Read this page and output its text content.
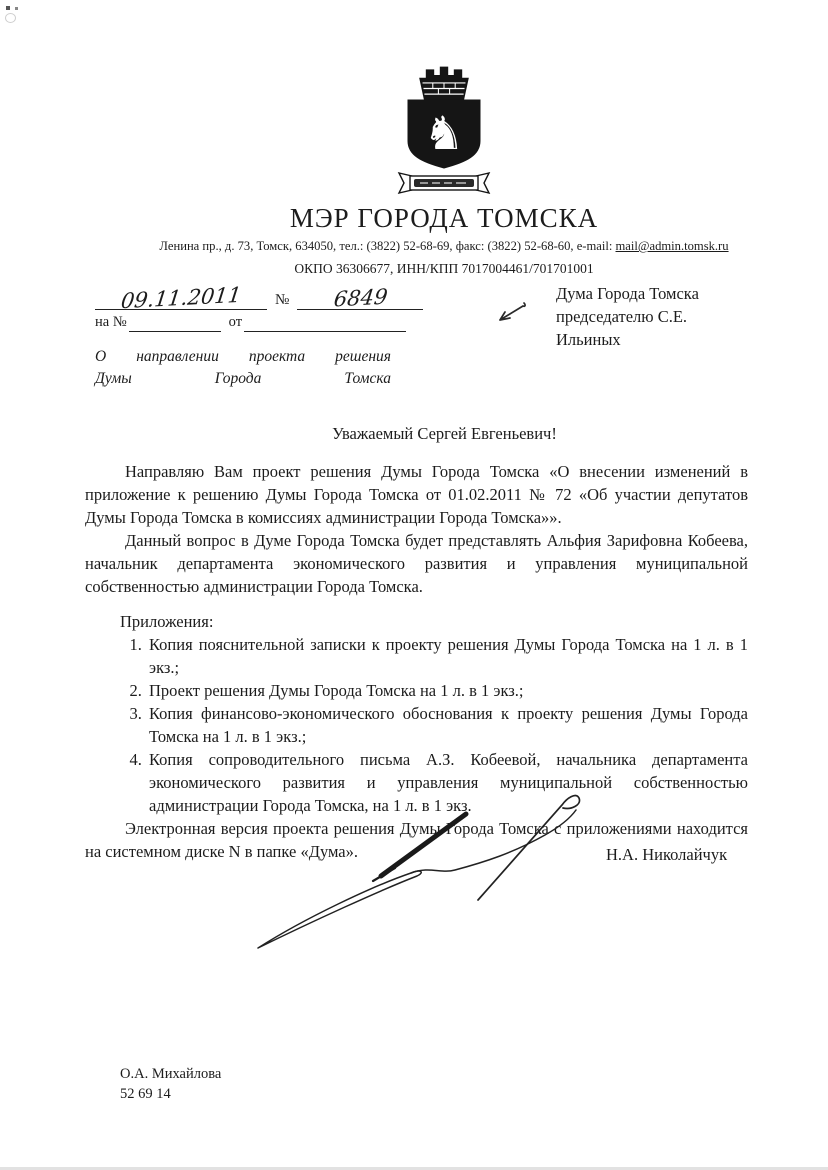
♞
МЭР ГОРОДА ТОМСКА
Ленина пр., д. 73, Томск, 634050, тел.: (3822) 52-68-69, факс: (3822) 52-68-60, e-mail: mail@admin.tomsk.ru
ОКПО 36306677, ИНН/КПП 7017004461/701701001
09.11.2011	№	6849
на №	от
Дума Города Томска
председателю С.Е. Ильиных
О направлении проекта решения
Думы Города Томска
Уважаемый Сергей Евгеньевич!

Направляю Вам проект решения Думы Города Томска «О внесении изменений в приложение к решению Думы Города Томска от 01.02.2011 № 72 «Об участии депутатов Думы Города Томска в комиссиях администрации Города Томска»».

Данный вопрос в Думе Города Томска будет представлять Альфия Зарифовна Кобеева, начальник департамента экономического развития и управления муниципальной собственностью администрации Города Томска.

Приложения:
1. Копия пояснительной записки к проекту решения Думы Города Томска на 1 л. в 1 экз.;
2. Проект решения Думы Города Томска на 1 л. в 1 экз.;
3. Копия финансово-экономического обоснования к проекту решения Думы Города Томска на 1 л. в 1 экз.;
4. Копия сопроводительного письма А.З. Кобеевой, начальника департамента экономического развития и управления муниципальной собственностью администрации Города Томска, на 1 л. в 1 экз.

Электронная версия проекта решения Думы Города Томска с приложениями находится на системном диске N в папке «Дума».	Н.А. Николайчук
О.А. Михайлова
52 69 14
